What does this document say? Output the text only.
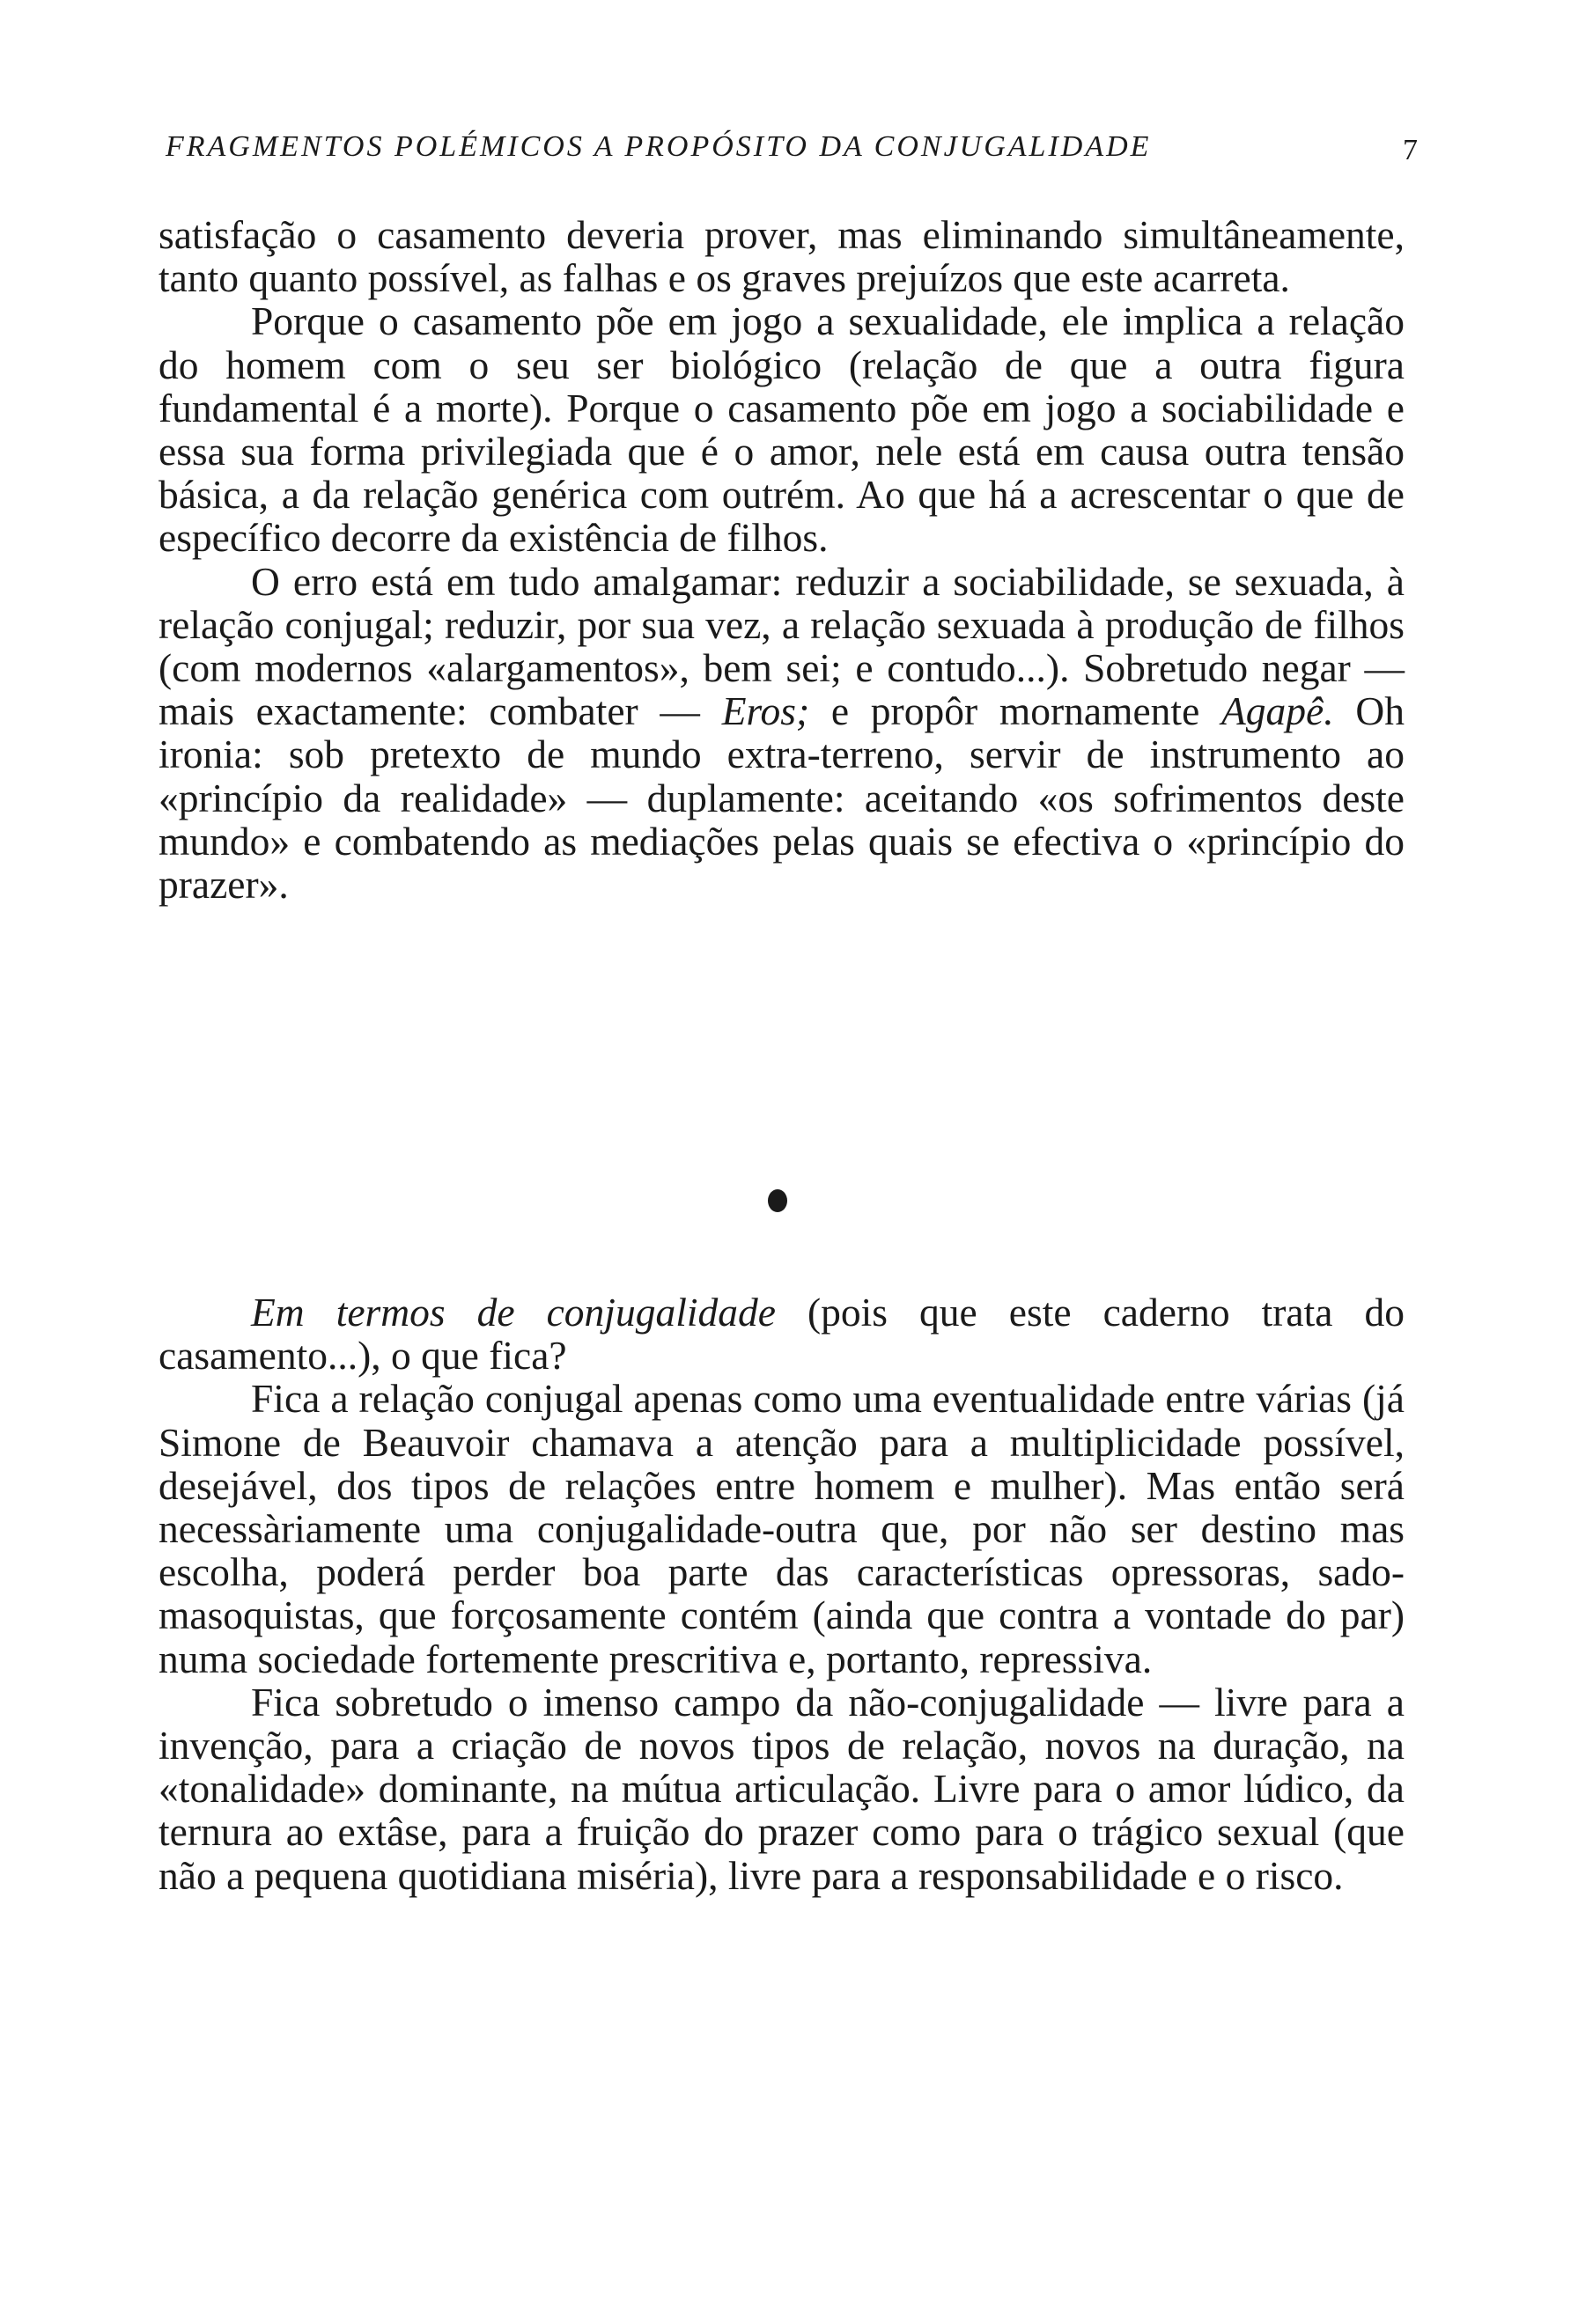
FRAGMENTOS POLÉMICOS A PROPÓSITO DA CONJUGALIDADE	7

satisfação o casamento deveria prover, mas eliminando simultâneamente, tanto quanto possível, as falhas e os graves prejuízos que este acarreta.

Porque o casamento põe em jogo a sexualidade, ele implica a relação do homem com o seu ser biológico (relação de que a outra figura fundamental é a morte). Porque o casamento põe em jogo a sociabilidade e essa sua forma privilegiada que é o amor, nele está em causa outra tensão básica, a da relação genérica com outrém. Ao que há a acrescentar o que de específico decorre da existência de filhos.

O erro está em tudo amalgamar: reduzir a sociabilidade, se sexuada, à relação conjugal; reduzir, por sua vez, a relação sexuada à produção de filhos (com modernos «alargamentos», bem sei; e contudo...). Sobretudo negar — mais exactamente: combater — Eros; e propôr mornamente Agapê. Oh ironia: sob pretexto de mundo extra-terreno, servir de instrumento ao «princípio da realidade» — duplamente: aceitando «os sofrimentos deste mundo» e combatendo as mediações pelas quais se efectiva o «princípio do prazer».

Em termos de conjugalidade (pois que este caderno trata do casamento...), o que fica?

Fica a relação conjugal apenas como uma eventualidade entre várias (já Simone de Beauvoir chamava a atenção para a multiplicidade possível, desejável, dos tipos de relações entre homem e mulher). Mas então será necessàriamente uma conjugalidade-outra que, por não ser destino mas escolha, poderá perder boa parte das características opressoras, sado-masoquistas, que forçosamente contém (ainda que contra a vontade do par) numa sociedade fortemente prescritiva e, portanto, repressiva.

Fica sobretudo o imenso campo da não-conjugalidade — livre para a invenção, para a criação de novos tipos de relação, novos na duração, na «tonalidade» dominante, na mútua articulação. Livre para o amor lúdico, da ternura ao extâse, para a fruição do prazer como para o trágico sexual (que não a pequena quotidiana miséria), livre para a responsabilidade e o risco.
